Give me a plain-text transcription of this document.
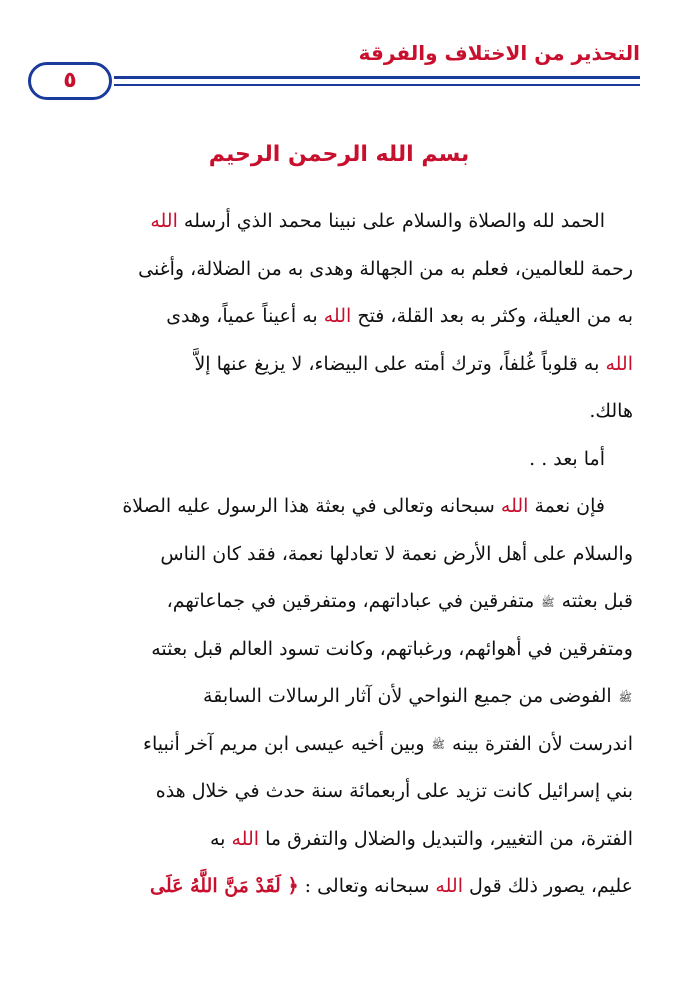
التحذير من الاختلاف والفرقة
٥
بسم الله الرحمن الرحيم
الحمد لله والصلاة والسلام على نبينا محمد الذي أرسله الله
رحمة للعالمين، فعلم به من الجهالة وهدى به من الضلالة، وأغنى
به من العيلة، وكثر به بعد القلة، فتح الله به أعيناً عمياً، وهدى
الله به قلوباً غُلفاً، وترك أمته على البيضاء، لا يزيغ عنها إلاَّ
هالك.
أما بعد . .
فإن نعمة الله سبحانه وتعالى في بعثة هذا الرسول عليه الصلاة
والسلام على أهل الأرض نعمة لا تعادلها نعمة، فقد كان الناس
قبل بعثته ﷺ متفرقين في عباداتهم، ومتفرقين في جماعاتهم،
ومتفرقين في أهوائهم، ورغباتهم، وكانت تسود العالم قبل بعثته
ﷺ الفوضى من جميع النواحي لأن آثار الرسالات السابقة
اندرست لأن الفترة بينه ﷺ وبين أخيه عيسى ابن مريم آخر أنبياء
بني إسرائيل كانت تزيد على أربعمائة سنة حدث في خلال هذه
الفترة، من التغيير، والتبديل والضلال والتفرق ما الله به
عليم، يصور ذلك قول الله سبحانه وتعالى : ﴿ لَقَدْ مَنَّ اللَّهُ عَلَى
